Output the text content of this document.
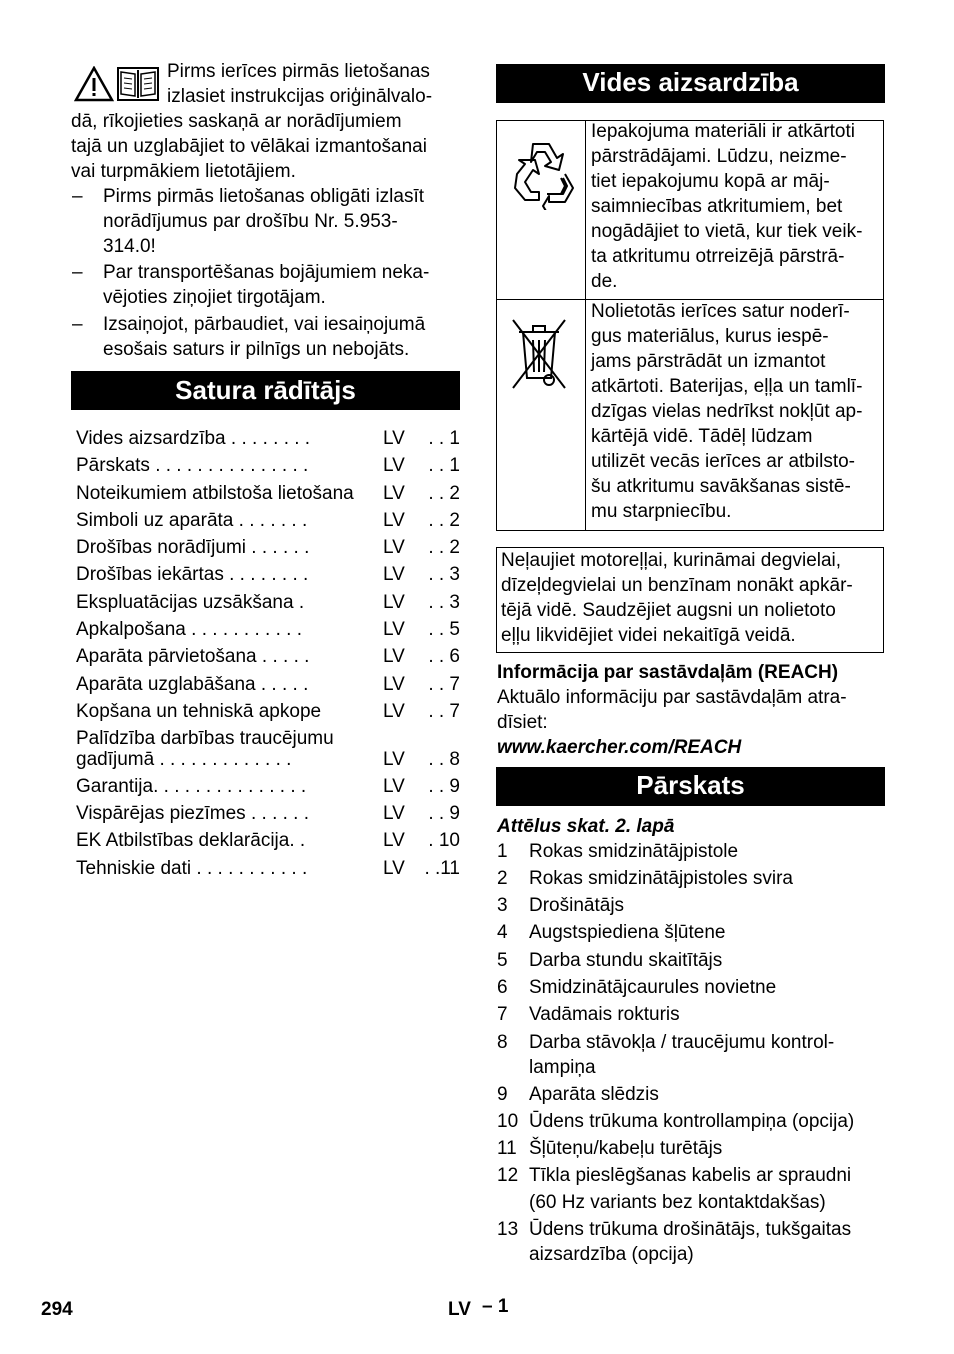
Pirms ierīces pirmās lietošanas
izlasiet instrukcijas oriģinālvalo-
dā, rīkojieties saskaņā ar norādījumiem
tajā un uzglabājiet to vēlākai izmantošanai
vai turpmākiem lietotājiem.
– Pirms pirmās lietošanas obligāti izlasīt
norādījumus par drošību Nr. 5.953-
314.0!
– Par transportēšanas bojājumiem neka-
vējoties ziņojiet tirgotājam.
– Izsaiņojot, pārbaudiet, vai iesaiņojumā
esošais saturs ir pilnīgs un nebojāts.
Satura rādītājs
Vides aizsardzība . . . . . . . .	LV . . 1
Pārskats . . . . . . . . . . . . . . .	LV . . 1
Noteikumiem atbilstoša lietošana LV . . 2
Simboli uz aparāta . . . . . . .	LV . . 2
Drošības norādījumi . . . . . .	LV . . 2
Drošības iekārtas . . . . . . . .	LV . . 3
Ekspluatācijas uzsākšana .	LV . . 3
Apkalpošana . . . . . . . . . . .	LV . . 5
Aparāta pārvietošana . . . . .	LV . . 6
Aparāta uzglabāšana . . . . .	LV . . 7
Kopšana un tehniskā apkope	LV . . 7
Palīdzība darbības traucējumu
gadījumā . . . . . . . . . . . . .	LV . . 8
Garantija. . . . . . . . . . . . . . .	LV . . 9
Vispārējas piezīmes . . . . . .	LV . . 9
EK Atbilstības deklarācija. .	LV . 10
Tehniskie dati . . . . . . . . . . .	LV . .11
Vides aizsardzība
Iepakojuma materiāli ir atkārtoti
pārstrādājami. Lūdzu, neizme-
tiet iepakojumu kopā ar māj-
saimniecības atkritumiem, bet
nogādājiet to vietā, kur tiek veik-
ta atkritumu otrreizējā pārstrā-
de.
Nolietotās ierīces satur noderī-
gus materiālus, kurus iespē-
jams pārstrādāt un izmantot
atkārtoti. Baterijas, eļļa un tamlī-
dzīgas vielas nedrīkst nokļūt ap-
kārtējā vidē. Tādēļ lūdzam
utilizēt vecās ierīces ar atbilsto-
šu atkritumu savākšanas sistē-
mu starpniecību.
Neļaujiet motoreļļai, kurināmai degvielai,
dīzeļdegvielai un benzīnam nonākt apkār-
tējā vidē. Saudzējiet augsni un nolietoto
eļļu likvidējiet videi nekaitīgā veidā.
Informācija par sastāvdaļām (REACH)
Aktuālo informāciju par sastāvdaļām atra-
dīsiet:
www.kaercher.com/REACH
Pārskats
Attēlus skat. 2. lapā
1 Rokas smidzinātājpistole
2 Rokas smidzinātājpistoles svira
3 Drošinātājs
4 Augstspiediena šļūtene
5 Darba stundu skaitītājs
6 Smidzinātājcaurules novietne
7 Vadāmais rokturis
8 Darba stāvokļa / traucējumu kontrol-
lampiņa
9 Aparāta slēdzis
10 Ūdens trūkuma kontrollampiņa (opcija)
11 Šļūteņu/kabeļu turētājs
12 Tīkla pieslēgšanas kabelis ar spraudni
(60 Hz variants bez kontaktdakšas)
13 Ūdens trūkuma drošinātājs, tukšgaitas
aizsardzība (opcija)
294	LV – 1
